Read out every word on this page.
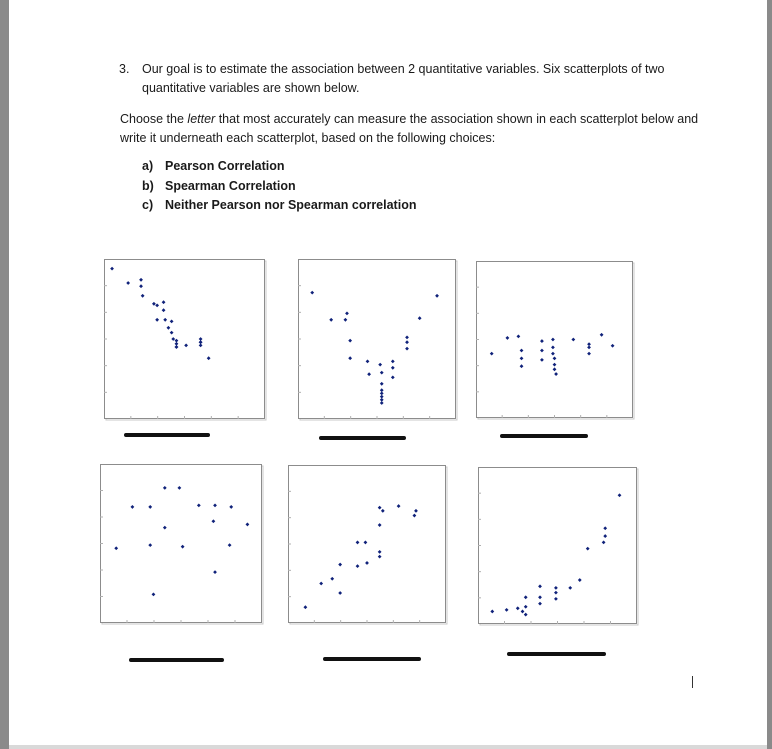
3. Our goal is to estimate the association between 2 quantitative variables. Six scatterplots of two quantitative variables are shown below.
Choose the letter that most accurately can measure the association shown in each scatterplot below and write it underneath each scatterplot, based on the following choices:
a) Pearson Correlation
b) Spearman Correlation
c) Neither Pearson nor Spearman correlation
